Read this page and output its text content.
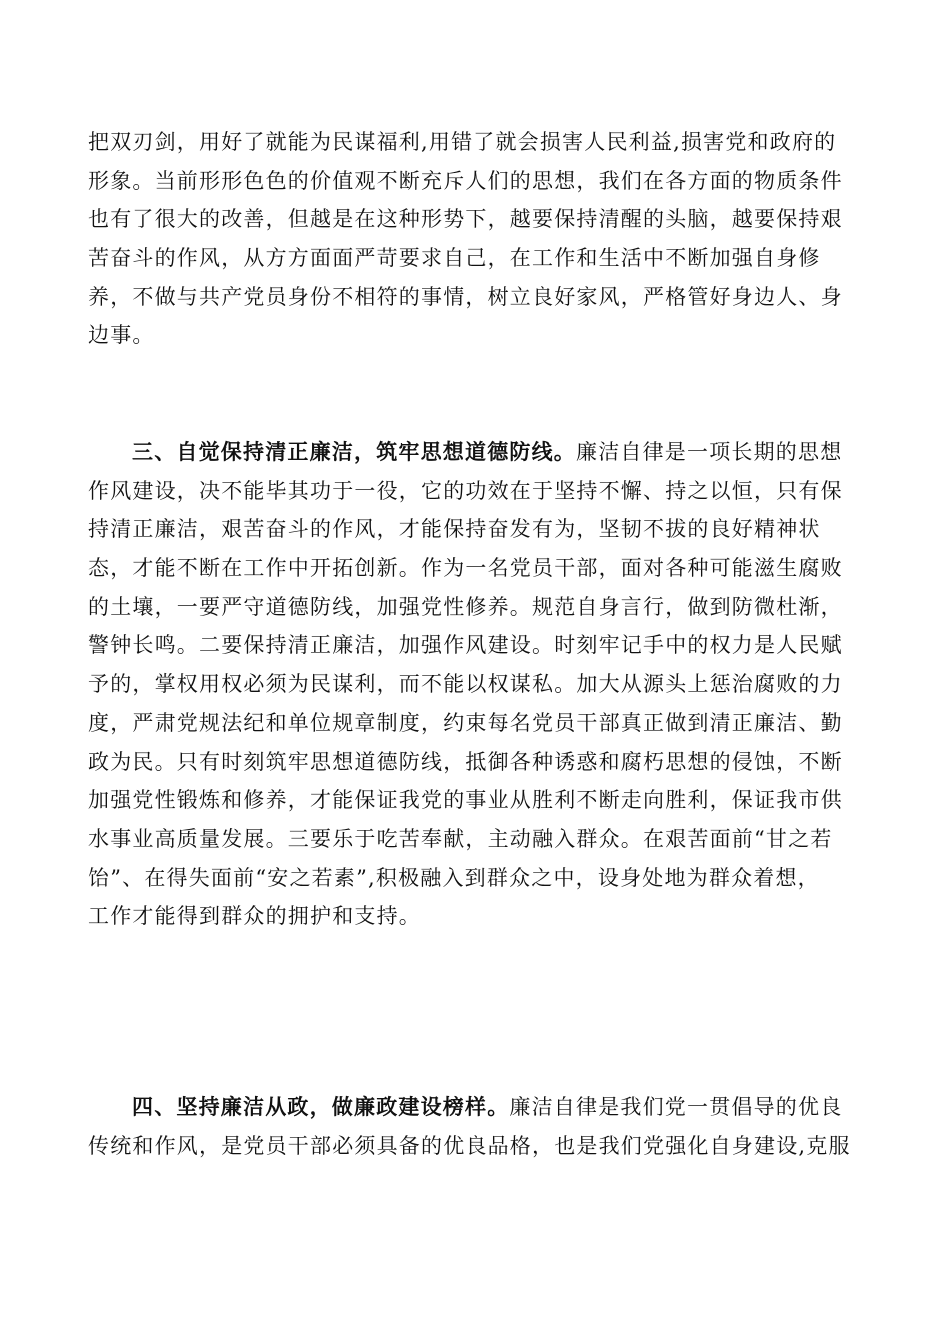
把双刃剑，用好了就能为民谋福利,用错了就会损害人民利益,损害党和政府的
形象。当前形形色色的价值观不断充斥人们的思想，我们在各方面的物质条件
也有了很大的改善，但越是在这种形势下，越要保持清醒的头脑，越要保持艰
苦奋斗的作风，从方方面面严苛要求自己，在工作和生活中不断加强自身修
养，不做与共产党员身份不相符的事情，树立良好家风，严格管好身边人、身
边事。
三、自觉保持清正廉洁，筑牢思想道德防线。廉洁自律是一项长期的思想
作风建设，决不能毕其功于一役，它的功效在于坚持不懈、持之以恒，只有保
持清正廉洁，艰苦奋斗的作风，才能保持奋发有为，坚韧不拔的良好精神状
态，才能不断在工作中开拓创新。作为一名党员干部，面对各种可能滋生腐败
的土壤，一要严守道德防线，加强党性修养。规范自身言行，做到防微杜渐，
警钟长鸣。二要保持清正廉洁，加强作风建设。时刻牢记手中的权力是人民赋
予的，掌权用权必须为民谋利，而不能以权谋私。加大从源头上惩治腐败的力
度，严肃党规法纪和单位规章制度，约束每名党员干部真正做到清正廉洁、勤
政为民。只有时刻筑牢思想道德防线，抵御各种诱惑和腐朽思想的侵蚀，不断
加强党性锻炼和修养，才能保证我党的事业从胜利不断走向胜利，保证我市供
水事业高质量发展。三要乐于吃苦奉献，主动融入群众。在艰苦面前“甘之若
饴”、在得失面前“安之若素”,积极融入到群众之中，设身处地为群众着想，
工作才能得到群众的拥护和支持。
四、坚持廉洁从政，做廉政建设榜样。廉洁自律是我们党一贯倡导的优良
传统和作风，是党员干部必须具备的优良品格，也是我们党强化自身建设,克服
